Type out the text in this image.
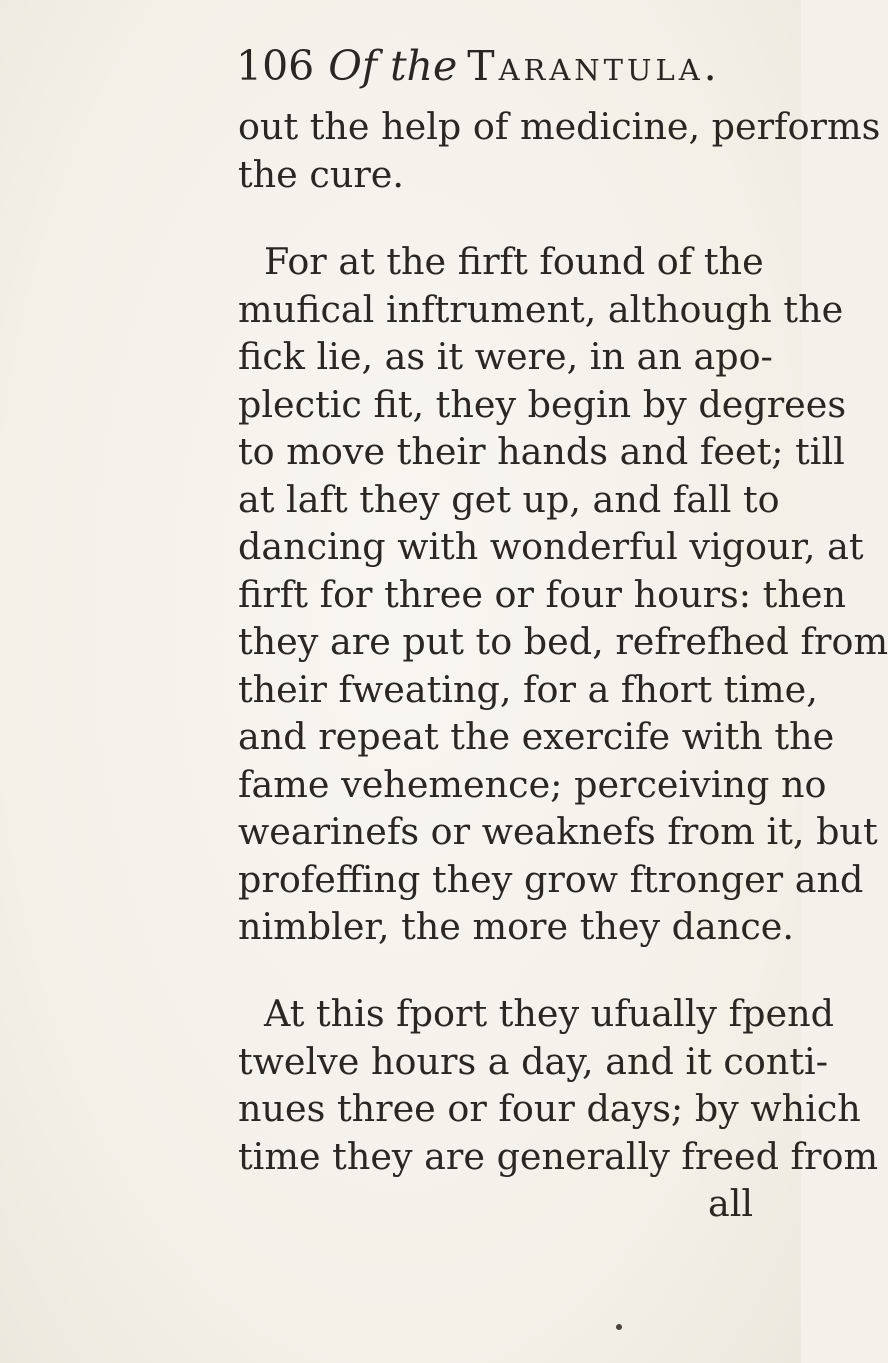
106 Of the Tarantula.
out the help of medicine, performs
the cure.
For at the firft found of the
mufical inftrument, although the
fick lie, as it were, in an apo-
plectic fit, they begin by degrees
to move their hands and feet; till
at laft they get up, and fall to
dancing with wonderful vigour, at
firft for three or four hours: then
they are put to bed, refrefhed from
their fweating, for a fhort time,
and repeat the exercife with the
fame vehemence; perceiving no
wearinefs or weaknefs from it, but
profeffing they grow ftronger and
nimbler, the more they dance.
At this fport they ufually fpend
twelve hours a day, and it conti-
nues three or four days; by which
time they are generally freed from
all
